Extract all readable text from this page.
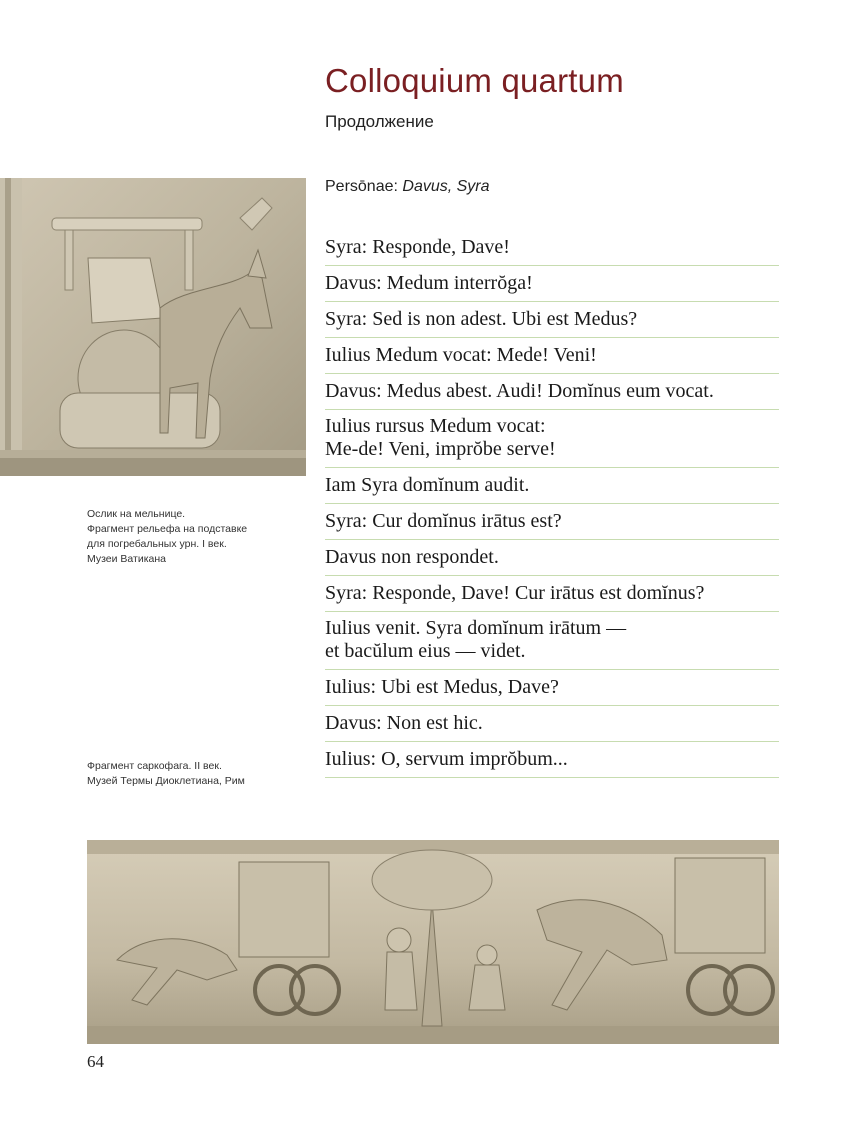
Colloquium quartum
Продолжение
Persōnae: Davus, Syra
Syra: Responde, Dave!
Davus: Medum interrŏga!
Syra: Sed is non adest. Ubi est Medus?
Iulius Medum vocat: Mede! Veni!
Davus: Medus abest. Audi! Domĭnus eum vocat.
Iulius rursus Medum vocat:
Me-de! Veni, imprŏbe serve!
Iam Syra domĭnum audit.
Syra: Cur domĭnus irātus est?
Davus non respondet.
Syra: Responde, Dave! Cur irātus est domĭnus?
Iulius venit. Syra domĭnum irātum —
et bacŭlum eius — videt.
Iulius: Ubi est Medus, Dave?
Davus: Non est hic.
Iulius: O, servum imprŏbum...
Ослик на мельнице.
Фрагмент рельефа на подставке
для погребальных урн. I век.
Музеи Ватикана
Фрагмент саркофага. II век.
Музей Термы Диоклетиана, Рим
64
